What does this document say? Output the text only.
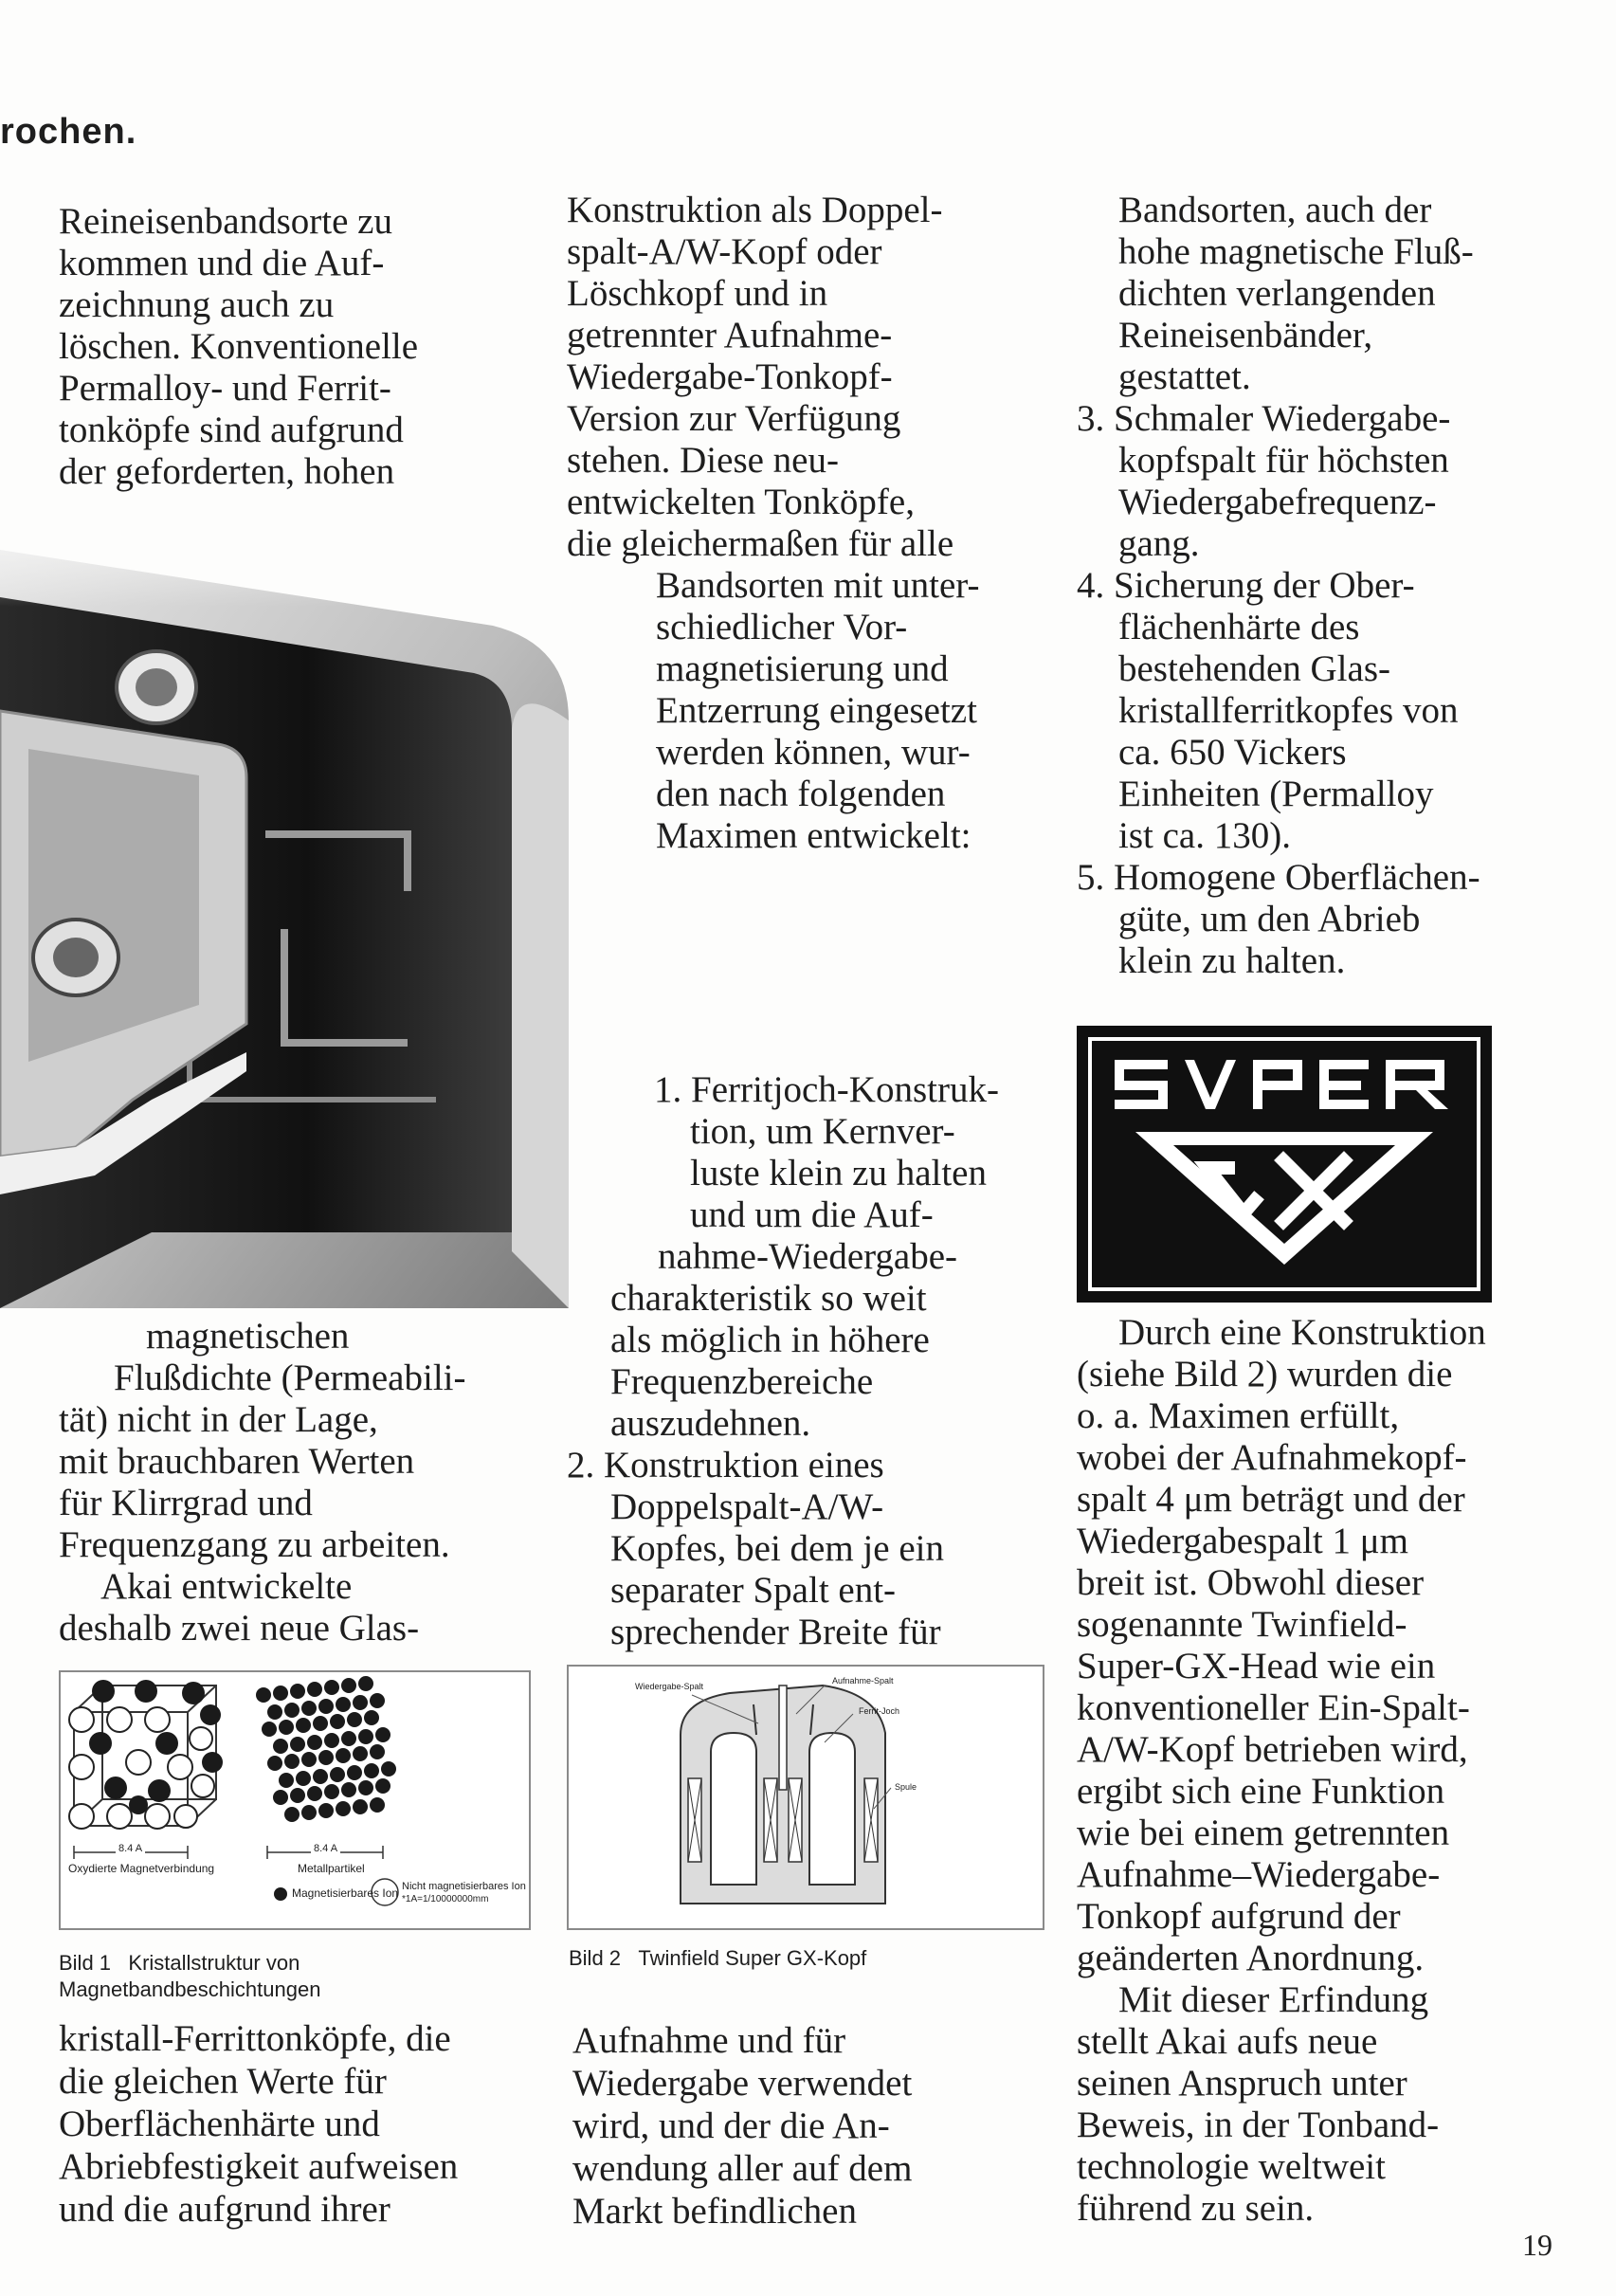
rochen.
Reineisenbandsorte zu
kommen und die Auf-
zeichnung auch zu
löschen. Konventionelle
Permalloy- und Ferrit-
tonköpfe sind aufgrund
der geforderten, hohen
magnetischen
Flußdichte (Permeabili-
tät) nicht in der Lage,
mit brauchbaren Werten
für Klirrgrad und
Frequenzgang zu arbeiten.
Akai entwickelte
deshalb zwei neue Glas-
8.4 A	8.4 A
Oxydierte Magnetverbindung	Metallpartikel
Magnetisierbares Ion Nicht magnetisierbares Ion
*1A=1/10000000mm
Bild 1 Kristallstruktur von
Magnetbandbeschichtungen
kristall-Ferrittonköpfe, die
die gleichen Werte für
Oberflächenhärte und
Abriebfestigkeit aufweisen
und die aufgrund ihrer
Konstruktion als Doppel-
spalt-A/W-Kopf oder
Löschkopf und in
getrennter Aufnahme-
Wiedergabe-Tonkopf-
Version zur Verfügung
stehen. Diese neu-
entwickelten Tonköpfe,
die gleichermaßen für alle
Bandsorten mit unter-
schiedlicher Vor-
magnetisierung und
Entzerrung eingesetzt
werden können, wur-
den nach folgenden
Maximen entwickelt:
1. Ferritjoch-Konstruk-
tion, um Kernver-
luste klein zu halten
und um die Auf-
nahme-Wiedergabe-
charakteristik so weit
als möglich in höhere
Frequenzbereiche
auszudehnen.
2. Konstruktion eines
Doppelspalt-A/W-
Kopfes, bei dem je ein
separater Spalt ent-
sprechender Breite für
Wiedergabe-Spalt
Aufnahme-Spalt
Ferrit-Joch
Spule
Bild 2 Twinfield Super GX-Kopf
Aufnahme und für
Wiedergabe verwendet
wird, und der die An-
wendung aller auf dem
Markt befindlichen
Bandsorten, auch der
hohe magnetische Fluß-
dichten verlangenden
Reineisenbänder,
gestattet.
3. Schmaler Wiedergabe-
kopfspalt für höchsten
Wiedergabefrequenz-
gang.
4. Sicherung der Ober-
flächenhärte des
bestehenden Glas-
kristallferritkopfes von
ca. 650 Vickers
Einheiten (Permalloy
ist ca. 130).
5. Homogene Oberflächen-
güte, um den Abrieb
klein zu halten.
Durch eine Konstruktion
(siehe Bild 2) wurden die
o. a. Maximen erfüllt,
wobei der Aufnahmekopf-
spalt 4 μm beträgt und der
Wiedergabespalt 1 μm
breit ist. Obwohl dieser
sogenannte Twinfield-
Super-GX-Head wie ein
konventioneller Ein-Spalt-
A/W-Kopf betrieben wird,
ergibt sich eine Funktion
wie bei einem getrennten
Aufnahme–Wiedergabe-
Tonkopf aufgrund der
geänderten Anordnung.
Mit dieser Erfindung
stellt Akai aufs neue
seinen Anspruch unter
Beweis, in der Tonband-
technologie weltweit
führend zu sein.
19
